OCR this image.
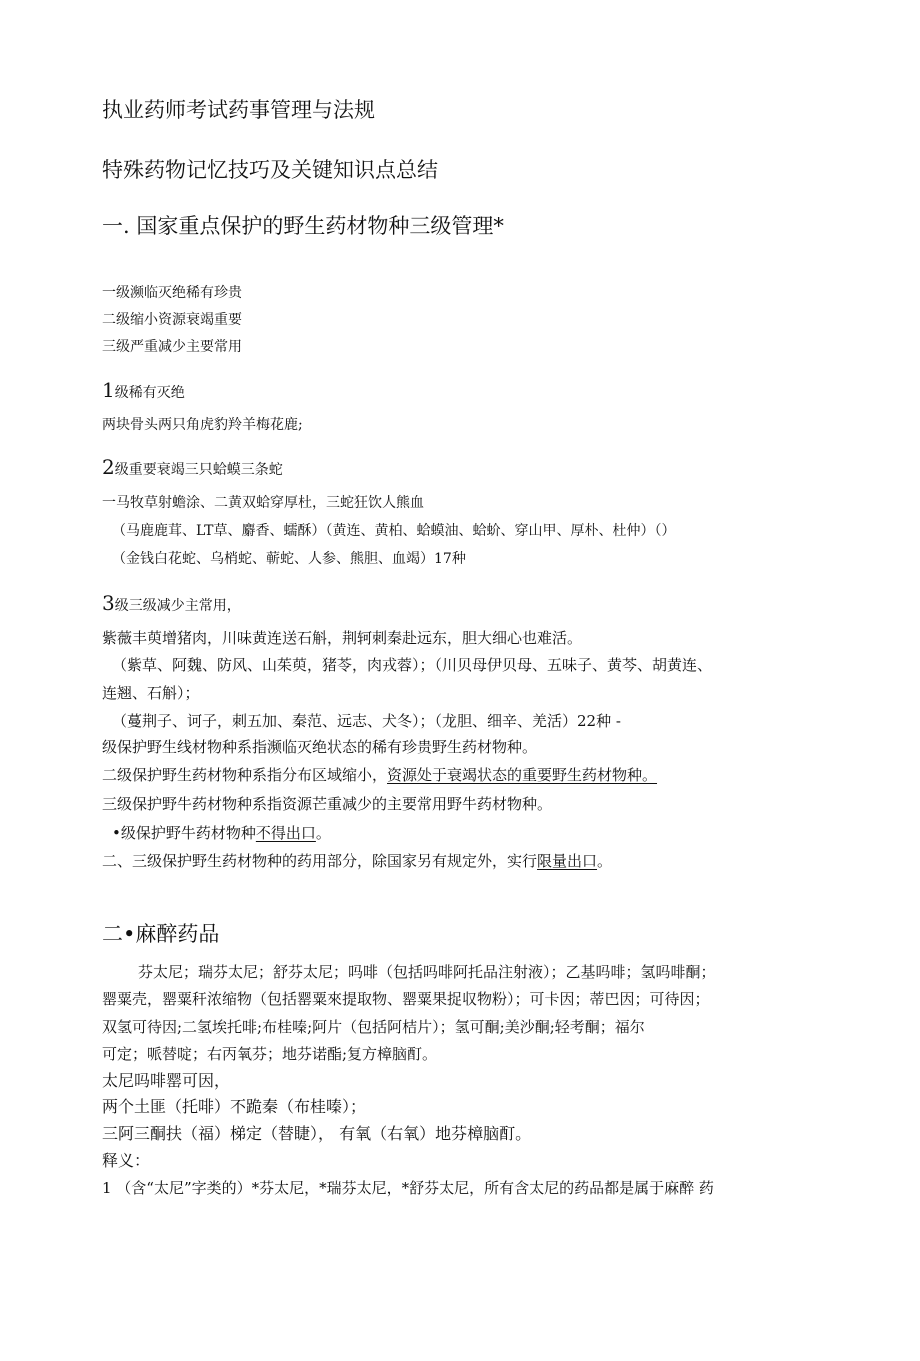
执业药师考试药事管理与法规
特殊药物记忆技巧及关键知识点总结
一. 国家重点保护的野生药材物种三级管理*
一级濒临灭绝稀有珍贵
二级缩小资源衰竭重要
三级严重减少主要常用
1级稀有灭绝
两块骨头两只角虎豹羚羊梅花鹿;
2级重要衰竭三只蛤蟆三条蛇
一马牧草射蟾涂、二黄双蛤穿厚杜，三蛇狂饮人熊血
（马鹿鹿茸、LT草、麝香、蠕酥）（黄连、黄柏、蛤蟆油、蛤蚧、穿山甲、厚朴、杜仲）（）
（金钱白花蛇、乌梢蛇、蕲蛇、人参、熊胆、血竭）17种
3级三级减少主常用，
紫薇丰萸增猪肉，川味黄连送石斛，荆轲刺秦赴远东，胆大细心也难活。
（紫草、阿魏、防风、山茱萸，猪苓，肉戎蓉）；（川贝母伊贝母、五味子、黄芩、胡黄连、
连翘、石斛）；
（蔓荆子、诃子，刺五加、秦范、远志、犬冬）；（龙胆、细辛、羌活）22种 -
级保护野生线材物种系指濒临灭绝状态的稀有珍贵野生药材物种。
二级保护野生药材物种系指分布区域缩小，资源处于衰竭状态的重要野生药材物种。
三级保护野牛药材物种系指资源芒重减少的主要常用野牛药材物种。
•级保护野牛药材物种不得出口。
二、三级保护野生药材物种的药用部分，除国家另有规定外，实行限量出口。
二•麻醉药品
芬太尼；瑞芬太尼；舒芬太尼；吗啡（包括吗啡阿托品注射液）；乙基吗啡；氢吗啡酮；
罂粟壳，罂粟秆浓缩物（包括罂粟來提取物、罂粟果捉収物粉）；可卡因；蒂巴因；可待因；
双氢可待因;二氢埃托啡;布桂嗪;阿片（包括阿桔片）；氢可酮;美沙酮;轻考酮；福尔
可定；哌替啶；右丙氧芬；地芬诺酯;复方樟脑酊。
太尼吗啡罂可因，
两个土匪（托啡）不跪秦（布桂嗪）；
三阿三酮扶（福）梯定（替睫）， 有氧（右氧）地芬樟脑酊。
释义：
1 （含“太尼”字类的）*芬太尼，*瑞芬太尼，*舒芬太尼，所有含太尼的药品都是属于麻醉 药
